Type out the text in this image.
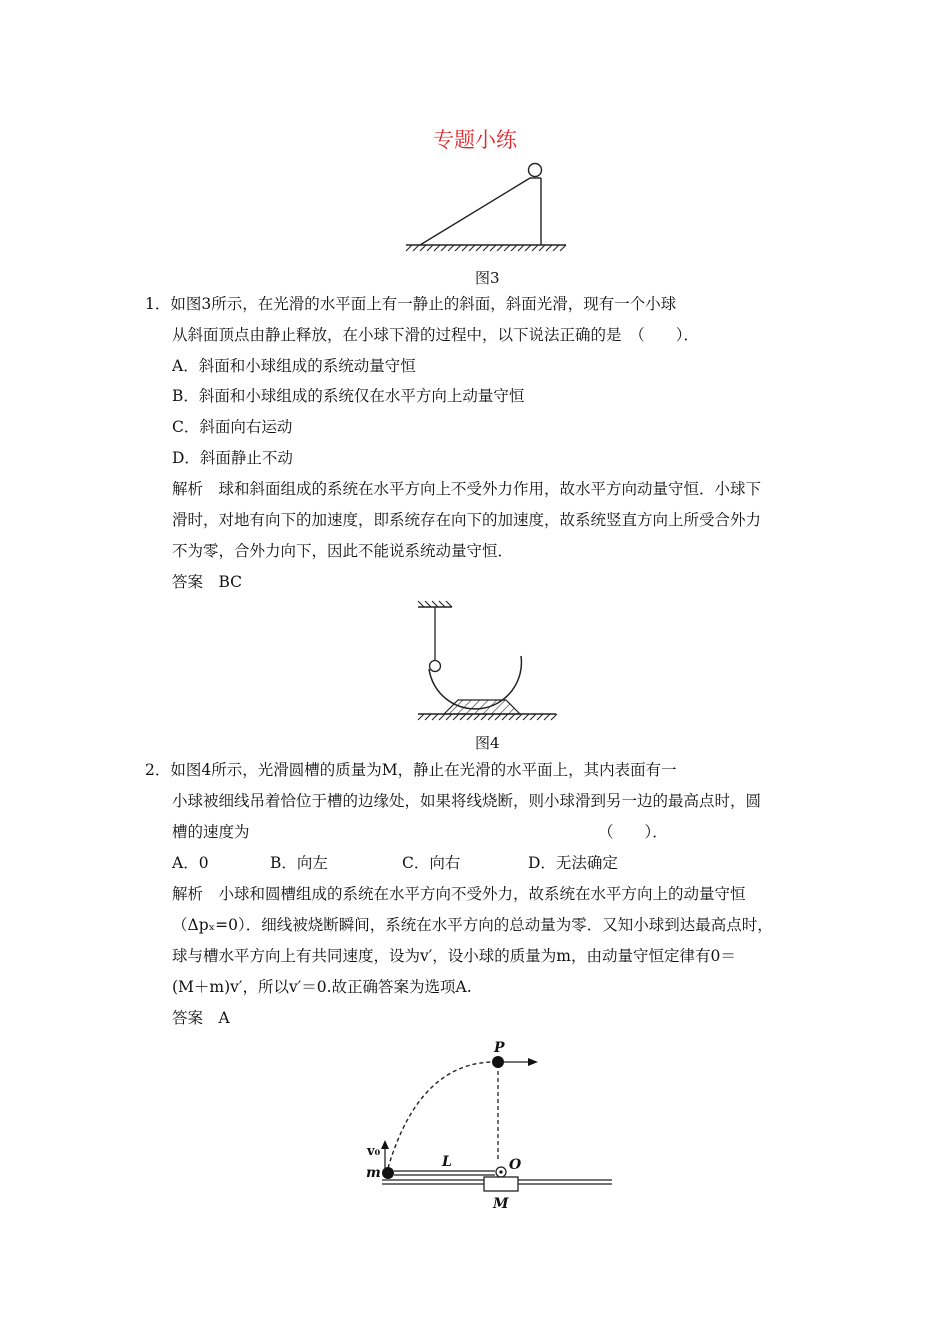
专题小练
图3
1．如图3所示，在光滑的水平面上有一静止的斜面，斜面光滑，现有一个小球
从斜面顶点由静止释放，在小球下滑的过程中，以下说法正确的是　（　　）．
A．斜面和小球组成的系统动量守恒
B．斜面和小球组成的系统仅在水平方向上动量守恒
C．斜面向右运动
D．斜面静止不动
解析　球和斜面组成的系统在水平方向上不受外力作用，故水平方向动量守恒．小球下
滑时，对地有向下的加速度，即系统存在向下的加速度，故系统竖直方向上所受合外力
不为零，合外力向下，因此不能说系统动量守恒．
答案　BC
图4
2．如图4所示，光滑圆槽的质量为M，静止在光滑的水平面上，其内表面有一
小球被细线吊着恰位于槽的边缘处，如果将线烧断，则小球滑到另一边的最高点时，圆
槽的速度为	（　　）．
A．0	B．向左	C．向右	D．无法确定
解析　小球和圆槽组成的系统在水平方向不受外力，故系统在水平方向上的动量守恒
（Δpₓ=0）．细线被烧断瞬间，系统在水平方向的总动量为零．又知小球到达最高点时，
球与槽水平方向上有共同速度，设为v′，设小球的质量为m，由动量守恒定律有0＝
(M＋m)v′，所以v′＝0.故正确答案为选项A.
答案　A
P
v₀
m
L	O
M
